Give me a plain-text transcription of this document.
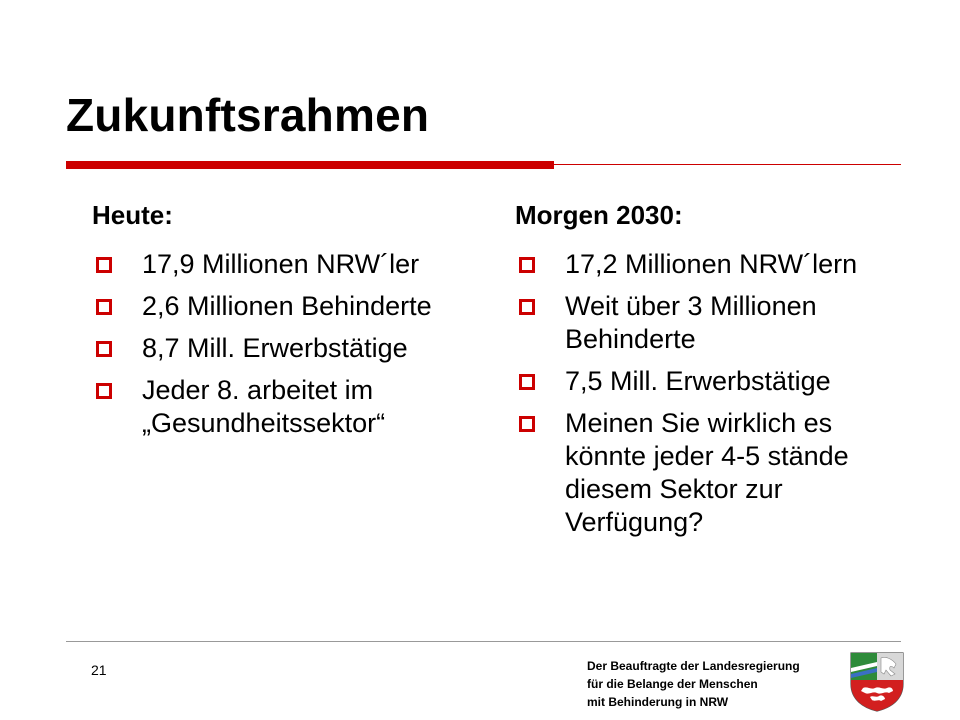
Zukunftsrahmen
Heute:
17,9 Millionen NRW´ler
2,6 Millionen Behinderte
8,7 Mill. Erwerbstätige
Jeder 8. arbeitet im „Gesundheitssektor“
Morgen 2030:
17,2 Millionen NRW´lern
Weit über 3 Millionen Behinderte
7,5 Mill. Erwerbstätige
Meinen Sie wirklich es könnte jeder 4-5 stände diesem Sektor zur Verfügung?
21	Der Beauftragte der Landesregierung
für die Belange der Menschen
mit Behinderung in NRW
